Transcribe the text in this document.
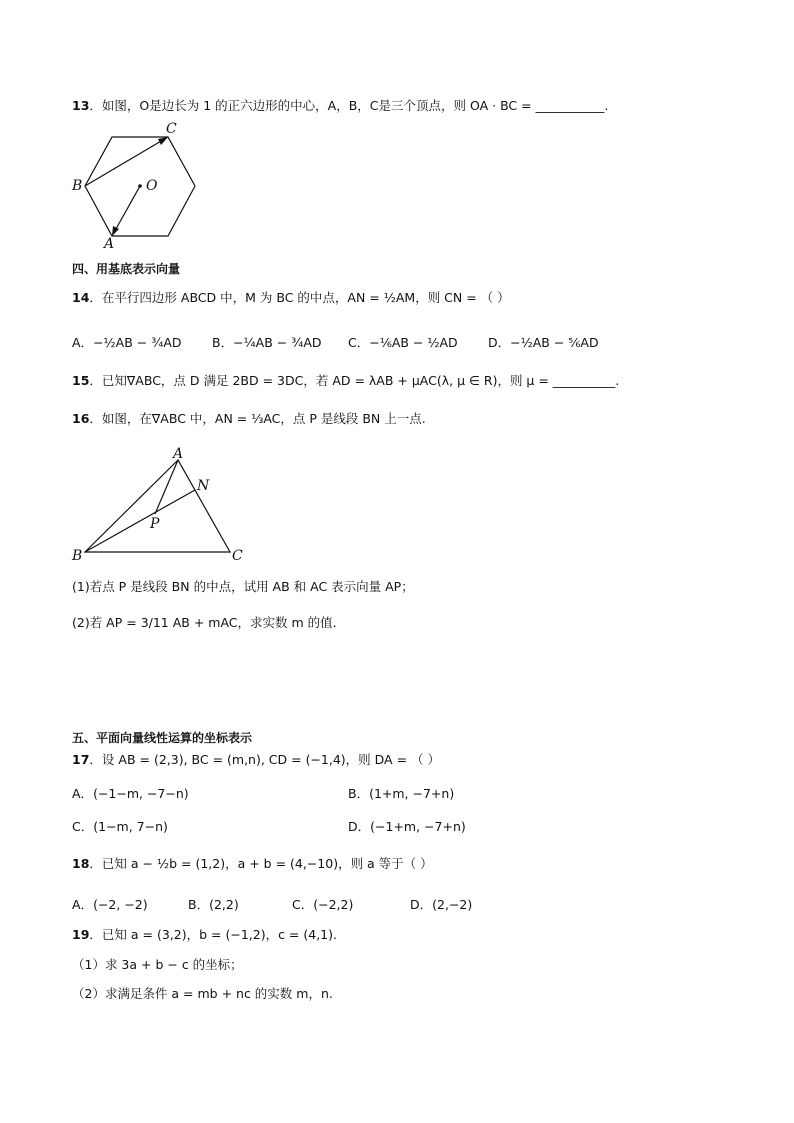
13．如图，O是边长为 1 的正六边形的中心，A，B，C是三个顶点，则 OA · BC = ___________.
C
B	O
A
四、用基底表示向量
14．在平行四边形 ABCD 中，M 为 BC 的中点，AN = ½AM，则 CN = （ ）
A．−½AB − ¾AD B．−¼AB − ¾AD C．−⅙AB − ½AD D．−½AB − ⅚AD
15．已知∇ABC，点 D 满足 2BD = 3DC，若 AD = λAB + μAC(λ, μ ∈ R)，则 μ = __________.
16．如图，在∇ABC 中，AN = ⅓AC，点 P 是线段 BN 上一点.
A
N
P
B	C
(1)若点 P 是线段 BN 的中点，试用 AB 和 AC 表示向量 AP；
(2)若 AP = 3/11 AB + mAC，求实数 m 的值.
五、平面向量线性运算的坐标表示
17．设 AB = (2,3), BC = (m,n), CD = (−1,4)，则 DA = （ ）
A．(−1−m, −7−n)	B．(1+m, −7+n)
C．(1−m, 7−n)	D．(−1+m, −7+n)
18．已知 a − ½b = (1,2)，a + b = (4,−10)，则 a 等于（ ）
A．(−2, −2)	B．(2,2)	C．(−2,2)	D．(2,−2)
19．已知 a = (3,2)，b = (−1,2)，c = (4,1).
（1）求 3a + b − c 的坐标；
（2）求满足条件 a = mb + nc 的实数 m，n.
